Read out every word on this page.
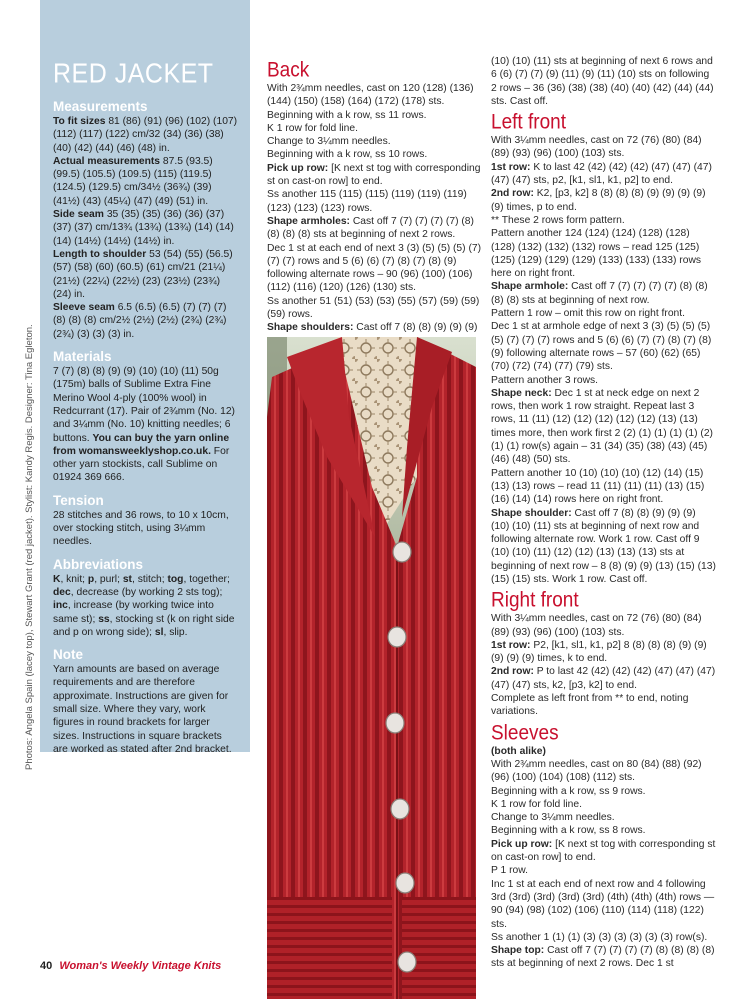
Photos: Angela Spain (lacey top), Stewart Grant (red jacket). Stylist: Kandy Regis. Designer: Tina Egleton.
RED JACKET
Measurements

To fit sizes 81 (86) (91) (96) (102) (107) (112) (117) (122) cm/32 (34) (36) (38) (40) (42) (44) (46) (48) in.

Actual measurements 87.5 (93.5) (99.5) (105.5) (109.5) (115) (119.5) (124.5) (129.5) cm/34½ (36¾) (39) (41½) (43) (45¼) (47) (49) (51) in.

Side seam 35 (35) (35) (36) (36) (37) (37) (37) cm/13¾ (13¾) (13¾) (14) (14) (14) (14½) (14½) (14½) in.

Length to shoulder 53 (54) (55) (56.5) (57) (58) (60) (60.5) (61) cm/21 (21¼) (21½) (22¼) (22½) (23) (23½) (23¾) (24) in.

Sleeve seam 6.5 (6.5) (6.5) (7) (7) (7) (8) (8) (8) cm/2½ (2½) (2½) (2¾) (2¾) (2¾) (3) (3) (3) in.

Materials
7 (7) (8) (8) (9) (9) (10) (10) (11) 50g (175m) balls of Sublime Extra Fine Merino Wool 4-ply (100% wool) in Redcurrant (17). Pair of 2¾mm (No. 12) and 3¼mm (No. 10) knitting needles; 6 buttons. You can buy the yarn online from womansweeklyshop.co.uk. For other yarn stockists, call Sublime on 01924 369 666.
Tension
28 stitches and 36 rows, to 10 x 10cm, over stocking stitch, using 3¼mm needles.
Abbreviations
K, knit; p, purl; st, stitch; tog, together; dec, decrease (by working 2 sts tog); inc, increase (by working twice into same st); ss, stocking st (k on right side and p on wrong side); sl, slip.
Note
Yarn amounts are based on average requirements and are therefore approximate. Instructions are given for small size. Where they vary, work figures in round brackets for larger sizes. Instructions in square brackets are worked as stated after 2nd bracket.
Back

With 2¾mm needles, cast on 120 (128) (136) (144) (150) (158) (164) (172) (178) sts.

Beginning with a k row, ss 11 rows.

K 1 row for fold line.

Change to 3¼mm needles.

Beginning with a k row, ss 10 rows.

Pick up row: [K next st tog with corresponding st on cast-on row] to end.

Ss another 115 (115) (115) (119) (119) (119) (123) (123) (123) rows.

Shape armholes: Cast off 7 (7) (7) (7) (7) (8) (8) (8) (8) sts at beginning of next 2 rows.

Dec 1 st at each end of next 3 (3) (5) (5) (5) (7) (7) (7) rows and 5 (6) (6) (7) (8) (7) (8) (9) following alternate rows – 90 (96) (100) (106) (112) (116) (120) (126) (130) sts.

Ss another 51 (51) (53) (53) (55) (57) (59) (59) (59) rows.

Shape shoulders: Cast off 7 (8) (8) (9) (9) (9)

(10) (10) (11) sts at beginning of next 6 rows and 6 (6) (7) (7) (9) (11) (9) (11) (10) sts on following 2 rows – 36 (36) (38) (38) (40) (40) (42) (44) (44) sts. Cast off.

Left front

With 3¼mm needles, cast on 72 (76) (80) (84) (89) (93) (96) (100) (103) sts.

1st row: K to last 42 (42) (42) (42) (47) (47) (47) (47) (47) sts, p2, [k1, sl1, k1, p2] to end.

2nd row: K2, [p3, k2] 8 (8) (8) (8) (9) (9) (9) (9) (9) times, p to end.

** These 2 rows form pattern.

Pattern another 124 (124) (124) (128) (128) (128) (132) (132) (132) rows – read 125 (125) (125) (129) (129) (129) (133) (133) (133) rows here on right front.

Shape armhole: Cast off 7 (7) (7) (7) (7) (8) (8) (8) (8) sts at beginning of next row.

Pattern 1 row – omit this row on right front.

Dec 1 st at armhole edge of next 3 (3) (5) (5) (5) (5) (7) (7) (7) rows and 5 (6) (6) (7) (7) (8) (7) (8) (9) following alternate rows – 57 (60) (62) (65) (70) (72) (74) (77) (79) sts.

Pattern another 3 rows.

Shape neck: Dec 1 st at neck edge on next 2 rows, then work 1 row straight. Repeat last 3 rows, 11 (11) (12) (12) (12) (12) (12) (13) (13) times more, then work first 2 (2) (1) (1) (1) (1) (2) (1) (1) row(s) again – 31 (34) (35) (38) (43) (45) (46) (48) (50) sts.

Pattern another 10 (10) (10) (10) (12) (14) (15) (13) (13) rows – read 11 (11) (11) (11) (13) (15) (16) (14) (14) rows here on right front.

Shape shoulder: Cast off 7 (8) (8) (9) (9) (9) (10) (10) (11) sts at beginning of next row and following alternate row. Work 1 row. Cast off 9 (10) (10) (11) (12) (12) (13) (13) (13) sts at beginning of next row – 8 (8) (9) (9) (13) (15) (13) (15) (15) sts. Work 1 row. Cast off.

Right front

With 3¼mm needles, cast on 72 (76) (80) (84) (89) (93) (96) (100) (103) sts.

1st row: P2, [k1, sl1, k1, p2] 8 (8) (8) (8) (9) (9) (9) (9) (9) times, k to end.

2nd row: P to last 42 (42) (42) (42) (47) (47) (47) (47) (47) sts, k2, [p3, k2] to end.

Complete as left front from ** to end, noting variations.

Sleeves

(both alike)

With 2¾mm needles, cast on 80 (84) (88) (92) (96) (100) (104) (108) (112) sts.

Beginning with a k row, ss 9 rows.

K 1 row for fold line.

Change to 3¼mm needles.

Beginning with a k row, ss 8 rows.

Pick up row: [K next st tog with corresponding st on cast-on row] to end.

P 1 row.

Inc 1 st at each end of next row and 4 following 3rd (3rd) (3rd) (3rd) (3rd) (4th) (4th) (4th) rows — 90 (94) (98) (102) (106) (110) (114) (118) (122) sts.

Ss another 1 (1) (1) (3) (3) (3) (3) (3) (3) row(s).

Shape top: Cast off 7 (7) (7) (7) (7) (8) (8) (8) (8) sts at beginning of next 2 rows. Dec 1 st

40 Woman's Weekly Vintage Knits
